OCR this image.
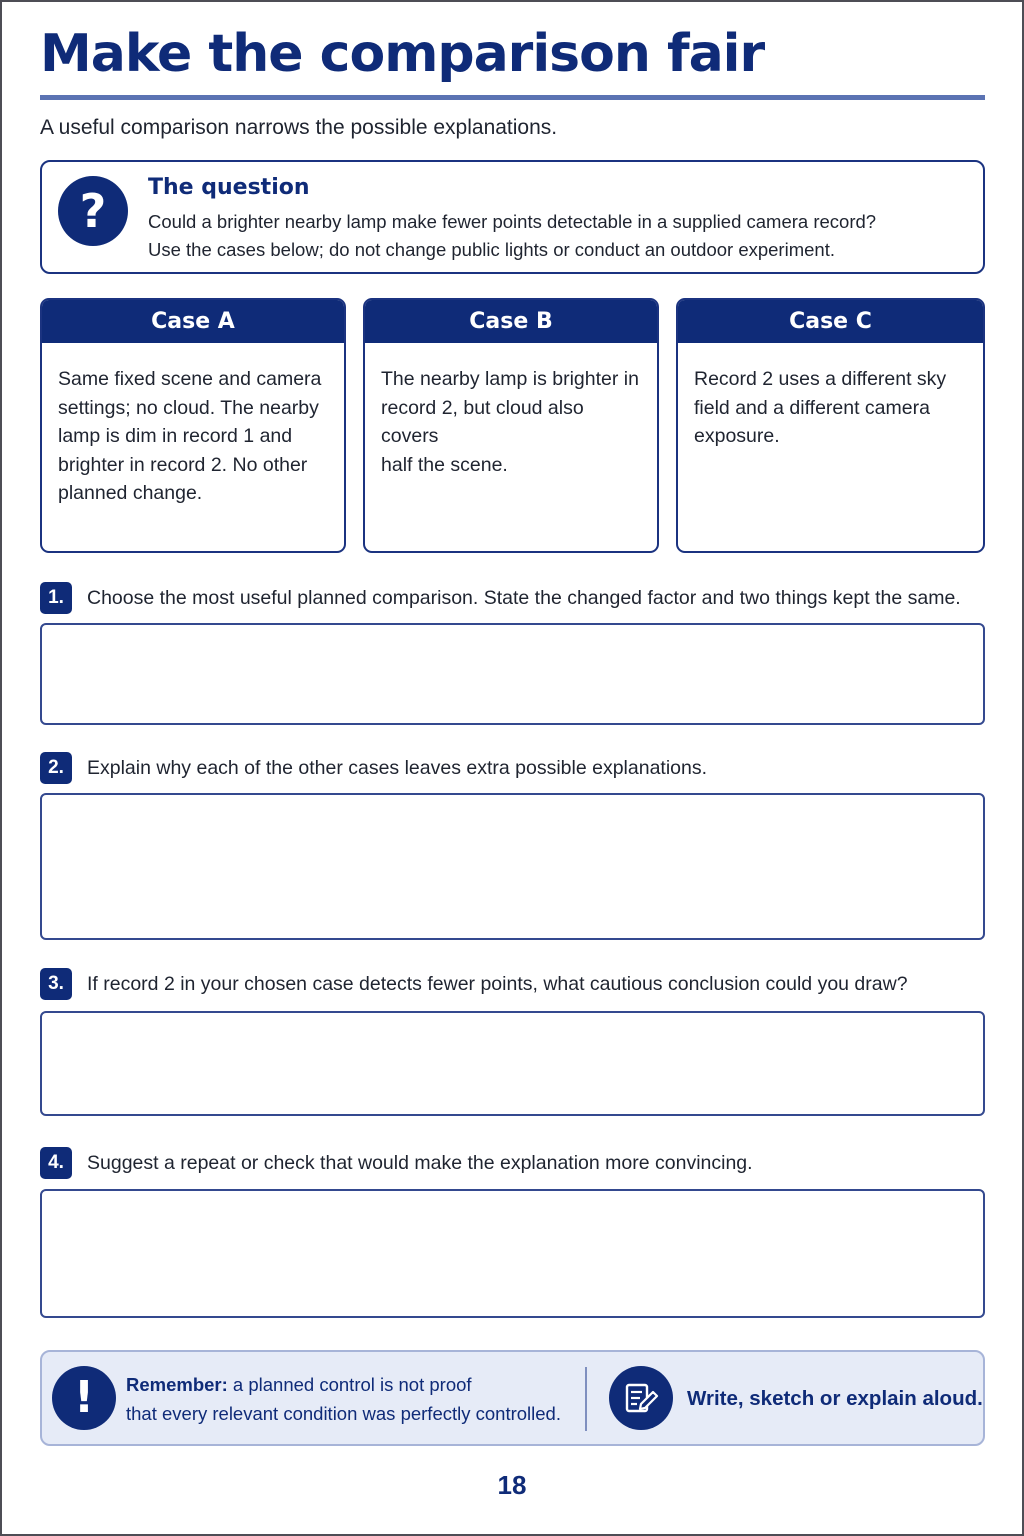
Make the comparison fair

A useful comparison narrows the possible explanations.

?	The question
Could a brighter nearby lamp make fewer points detectable in a supplied camera record?
Use the cases below; do not change public lights or conduct an outdoor experiment.
Case A
Same fixed scene and camera
settings; no cloud. The nearby
lamp is dim in record 1 and
brighter in record 2. No other
planned change.
Case B
The nearby lamp is brighter in
record 2, but cloud also covers
half the scene.
Case C
Record 2 uses a different sky
field and a different camera
exposure.
1.	Choose the most useful planned comparison. State the changed factor and two things kept the same.
2.	Explain why each of the other cases leaves extra possible explanations.
3.	If record 2 in your chosen case detects fewer points, what cautious conclusion could you draw?
4.	Suggest a repeat or check that would make the explanation more convincing.
!	Remember: a planned control is not proof
that every relevant condition was perfectly controlled.
Write, sketch or explain aloud.
18
